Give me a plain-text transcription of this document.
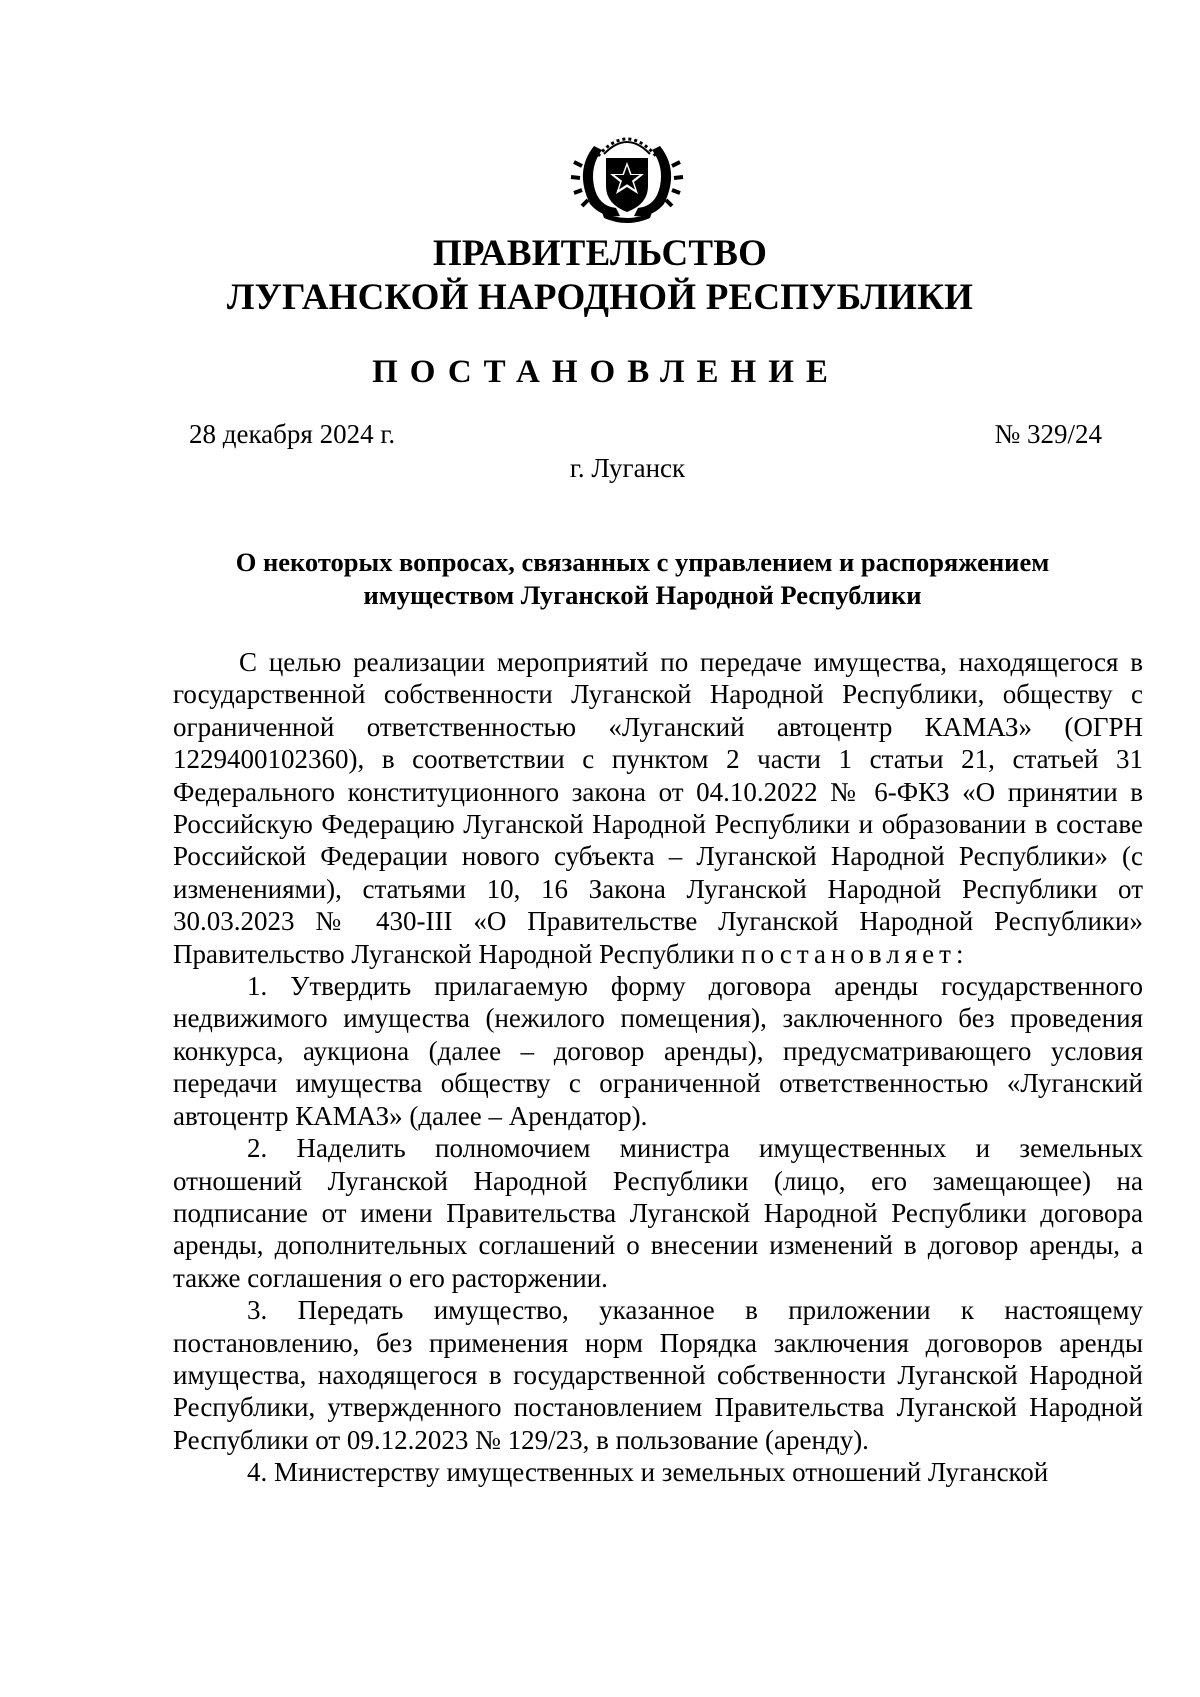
ПРАВИТЕЛЬСТВО
ЛУГАНСКОЙ НАРОДНОЙ РЕСПУБЛИКИ
ПОСТАНОВЛЕНИЕ
28 декабря 2024 г.	№ 329/24
г. Луганск
О некоторых вопросах, связанных с управлением и распоряжением
имуществом Луганской Народной Республики

С целью реализации мероприятий по передаче имущества, находящегося в государственной собственности Луганской Народной Республики, обществу с ограниченной ответственностью «Луганский автоцентр КАМАЗ» (ОГРН 1229400102360), в соответствии с пунктом 2 части 1 статьи 21, статьей 31 Федерального конституционного закона от 04.10.2022 № 6-ФКЗ «О принятии в Российскую Федерацию Луганской Народной Республики и образовании в составе Российской Федерации нового субъекта – Луганской Народной Республики» (с изменениями), статьями 10, 16 Закона Луганской Народной Республики от 30.03.2023 № 430-III «О Правительстве Луганской Народной Республики» Правительство Луганской Народной Республики постановляет:

1. Утвердить прилагаемую форму договора аренды государственного недвижимого имущества (нежилого помещения), заключенного без проведения конкурса, аукциона (далее – договор аренды), предусматривающего условия передачи имущества обществу с ограниченной ответственностью «Луганский автоцентр КАМАЗ» (далее – Арендатор).

2. Наделить полномочием министра имущественных и земельных отношений Луганской Народной Республики (лицо, его замещающее) на подписание от имени Правительства Луганской Народной Республики договора аренды, дополнительных соглашений о внесении изменений в договор аренды, а также соглашения о его расторжении.

3. Передать имущество, указанное в приложении к настоящему постановлению, без применения норм Порядка заключения договоров аренды имущества, находящегося в государственной собственности Луганской Народной Республики, утвержденного постановлением Правительства Луганской Народной Республики от 09.12.2023 № 129/23, в пользование (аренду).

4. Министерству имущественных и земельных отношений Луганской
